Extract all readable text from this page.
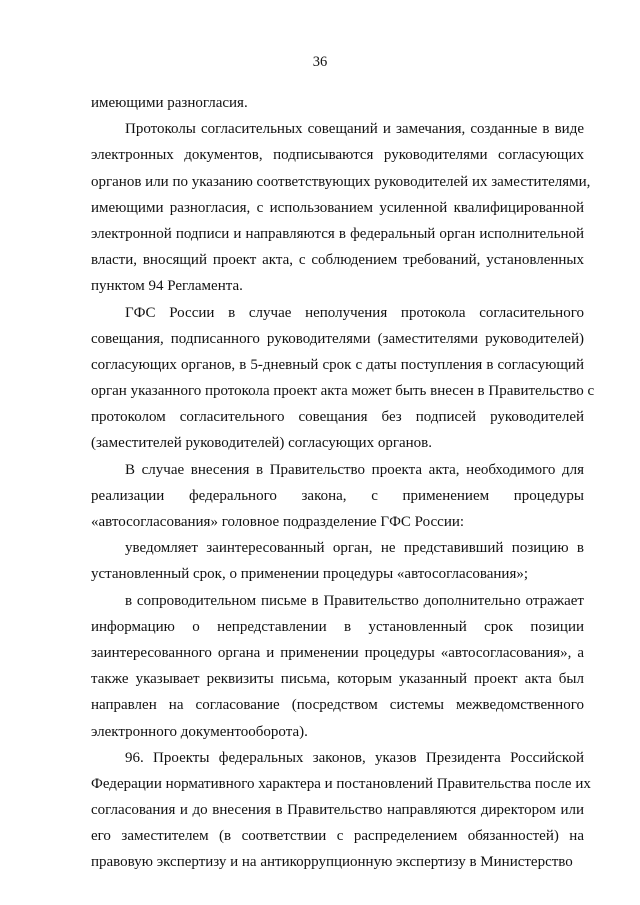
36
имеющими разногласия.
Протоколы согласительных совещаний и замечания, созданные в виде
электронных документов, подписываются руководителями согласующих
органов или по указанию соответствующих руководителей их заместителями,
имеющими разногласия, с использованием усиленной квалифицированной
электронной подписи и направляются в федеральный орган исполнительной
власти, вносящий проект акта, с соблюдением требований, установленных
пунктом 94 Регламента.
ГФС России в случае неполучения протокола согласительного
совещания, подписанного руководителями (заместителями руководителей)
согласующих органов, в 5-дневный срок с даты поступления в согласующий
орган указанного протокола проект акта может быть внесен в Правительство с
протоколом согласительного совещания без подписей руководителей
(заместителей руководителей) согласующих органов.
В случае внесения в Правительство проекта акта, необходимого для
реализации федерального закона, с применением процедуры
«автосогласования» головное подразделение ГФС России:
уведомляет заинтересованный орган, не представивший позицию в
установленный срок, о применении процедуры «автосогласования»;
в сопроводительном письме в Правительство дополнительно отражает
информацию о непредставлении в установленный срок позиции
заинтересованного органа и применении процедуры «автосогласования», а
также указывает реквизиты письма, которым указанный проект акта был
направлен на согласование (посредством системы межведомственного
электронного документооборота).
96. Проекты федеральных законов, указов Президента Российской
Федерации нормативного характера и постановлений Правительства после их
согласования и до внесения в Правительство направляются директором или
его заместителем (в соответствии с распределением обязанностей) на
правовую экспертизу и на антикоррупционную экспертизу в Министерство
